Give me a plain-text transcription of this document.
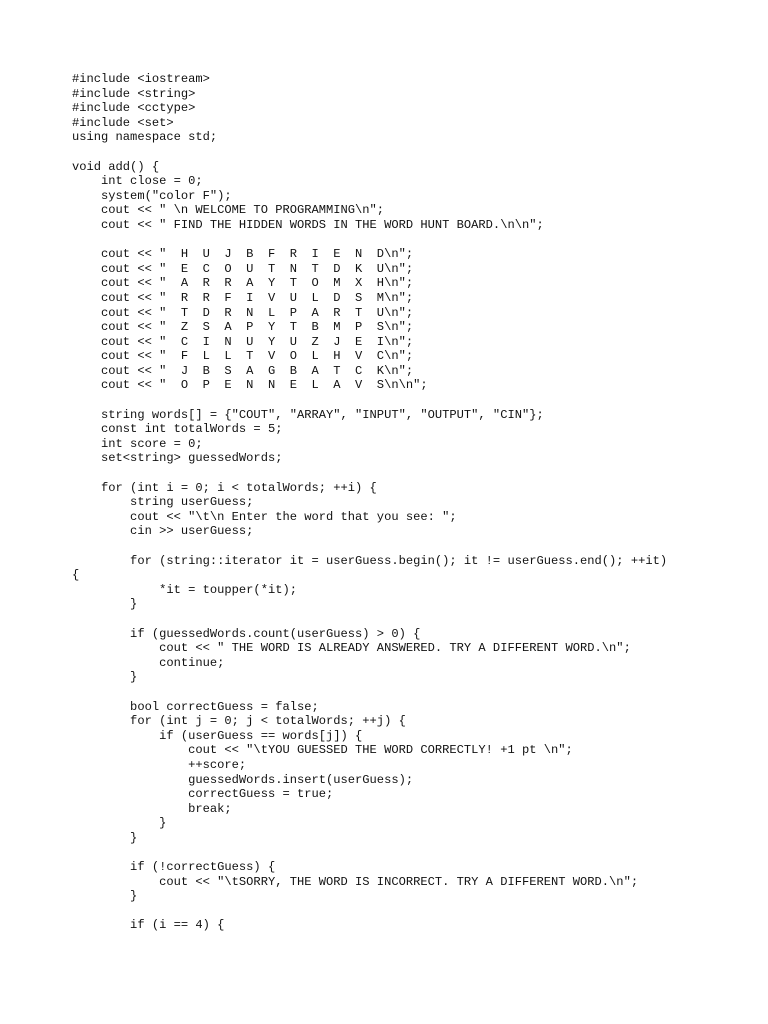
#include <iostream>
#include <string>
#include <cctype>
#include <set>
using namespace std;
void add() {
int close = 0;
system("color F");
cout << " \n WELCOME TO PROGRAMMING\n";
cout << " FIND THE HIDDEN WORDS IN THE WORD HUNT BOARD.\n\n";
cout << "  H  U  J  B  F  R  I  E  N  D\n";
cout << "  E  C  O  U  T  N  T  D  K  U\n";
cout << "  A  R  R  A  Y  T  O  M  X  H\n";
cout << "  R  R  F  I  V  U  L  D  S  M\n";
cout << "  T  D  R  N  L  P  A  R  T  U\n";
cout << "  Z  S  A  P  Y  T  B  M  P  S\n";
cout << "  C  I  N  U  Y  U  Z  J  E  I\n";
cout << "  F  L  L  T  V  O  L  H  V  C\n";
cout << "  J  B  S  A  G  B  A  T  C  K\n";
cout << "  O  P  E  N  N  E  L  A  V  S\n\n";
string words[] = {"COUT", "ARRAY", "INPUT", "OUTPUT", "CIN"};
const int totalWords = 5;
int score = 0;
set<string> guessedWords;
for (int i = 0; i < totalWords; ++i) {
string userGuess;
cout << "\t\n Enter the word that you see: ";
cin >> userGuess;
for (string::iterator it = userGuess.begin(); it != userGuess.end(); ++it)
{
*it = toupper(*it);
}
if (guessedWords.count(userGuess) > 0) {
cout << " THE WORD IS ALREADY ANSWERED. TRY A DIFFERENT WORD.\n";
continue;
}
bool correctGuess = false;
for (int j = 0; j < totalWords; ++j) {
if (userGuess == words[j]) {
cout << "\tYOU GUESSED THE WORD CORRECTLY! +1 pt \n";
++score;
guessedWords.insert(userGuess);
correctGuess = true;
break;
}
}
if (!correctGuess) {
cout << "\tSORRY, THE WORD IS INCORRECT. TRY A DIFFERENT WORD.\n";
}
if (i == 4) {
